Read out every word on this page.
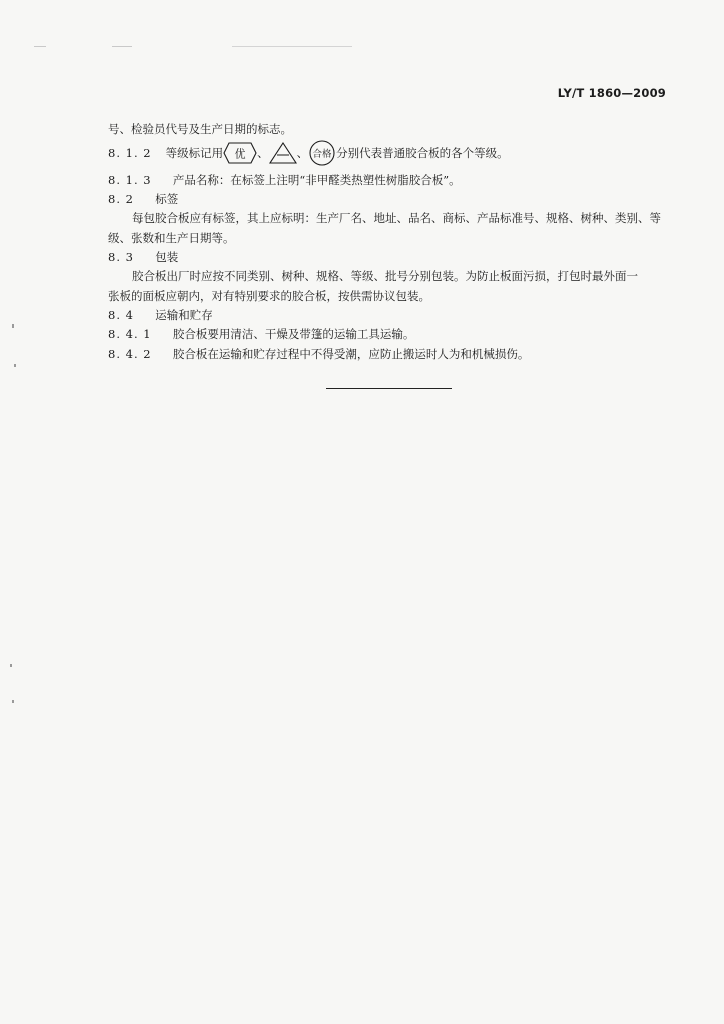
LY/T 1860—2009
号、检验员代号及生产日期的标志。
8. 1. 2 等级标记用 优 、 、 合格 分别代表普通胶合板的各个等级。
8. 1. 3 产品名称：在标签上注明“非甲醛类热塑性树脂胶合板”。
8. 2 标签
每包胶合板应有标签，其上应标明：生产厂名、地址、品名、商标、产品标准号、规格、树种、类别、等
级、张数和生产日期等。
8. 3 包装
胶合板出厂时应按不同类别、树种、规格、等级、批号分别包装。为防止板面污损，打包时最外面一
张板的面板应朝内，对有特别要求的胶合板，按供需协议包装。
8. 4 运输和贮存
8. 4. 1 胶合板要用清洁、干燥及带篷的运输工具运输。
8. 4. 2 胶合板在运输和贮存过程中不得受潮，应防止搬运时人为和机械损伤。
